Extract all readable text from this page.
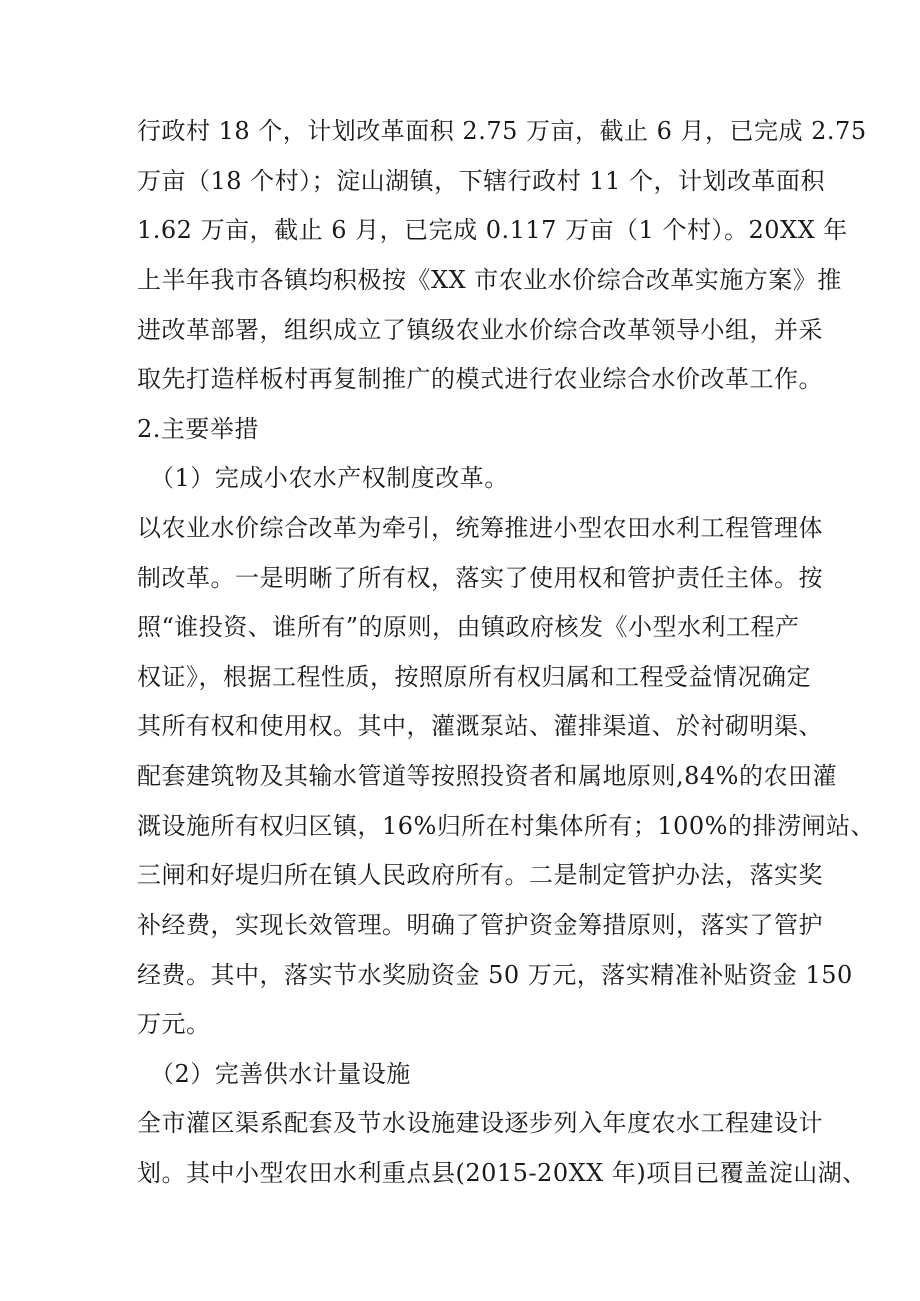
行政村 18 个，计划改革面积 2.75 万亩，截止 6 月，已完成 2.75
万亩（18 个村）；淀山湖镇，下辖行政村 11 个，计划改革面积
1.62 万亩，截止 6 月，已完成 0.117 万亩（1 个村）。20XX 年
上半年我市各镇均积极按《XX 市农业水价综合改革实施方案》推
进改革部署，组织成立了镇级农业水价综合改革领导小组，并采
取先打造样板村再复制推广的模式进行农业综合水价改革工作。
2.主要举措
（1）完成小农水产权制度改革。
以农业水价综合改革为牵引，统筹推进小型农田水利工程管理体
制改革。一是明晰了所有权，落实了使用权和管护责任主体。按
照“谁投资、谁所有”的原则，由镇政府核发《小型水利工程产
权证》，根据工程性质，按照原所有权归属和工程受益情况确定
其所有权和使用权。其中，灌溉泵站、灌排渠道、於衬砌明渠、
配套建筑物及其输水管道等按照投资者和属地原则,84%的农田灌
溉设施所有权归区镇，16%归所在村集体所有；100%的排涝闸站、
三闸和好堤归所在镇人民政府所有。二是制定管护办法，落实奖
补经费，实现长效管理。明确了管护资金筹措原则，落实了管护
经费。其中，落实节水奖励资金 50 万元，落实精准补贴资金 150
万元。
（2）完善供水计量设施
全市灌区渠系配套及节水设施建设逐步列入年度农水工程建设计
划。其中小型农田水利重点县(2015-20XX 年)项目已覆盖淀山湖、
